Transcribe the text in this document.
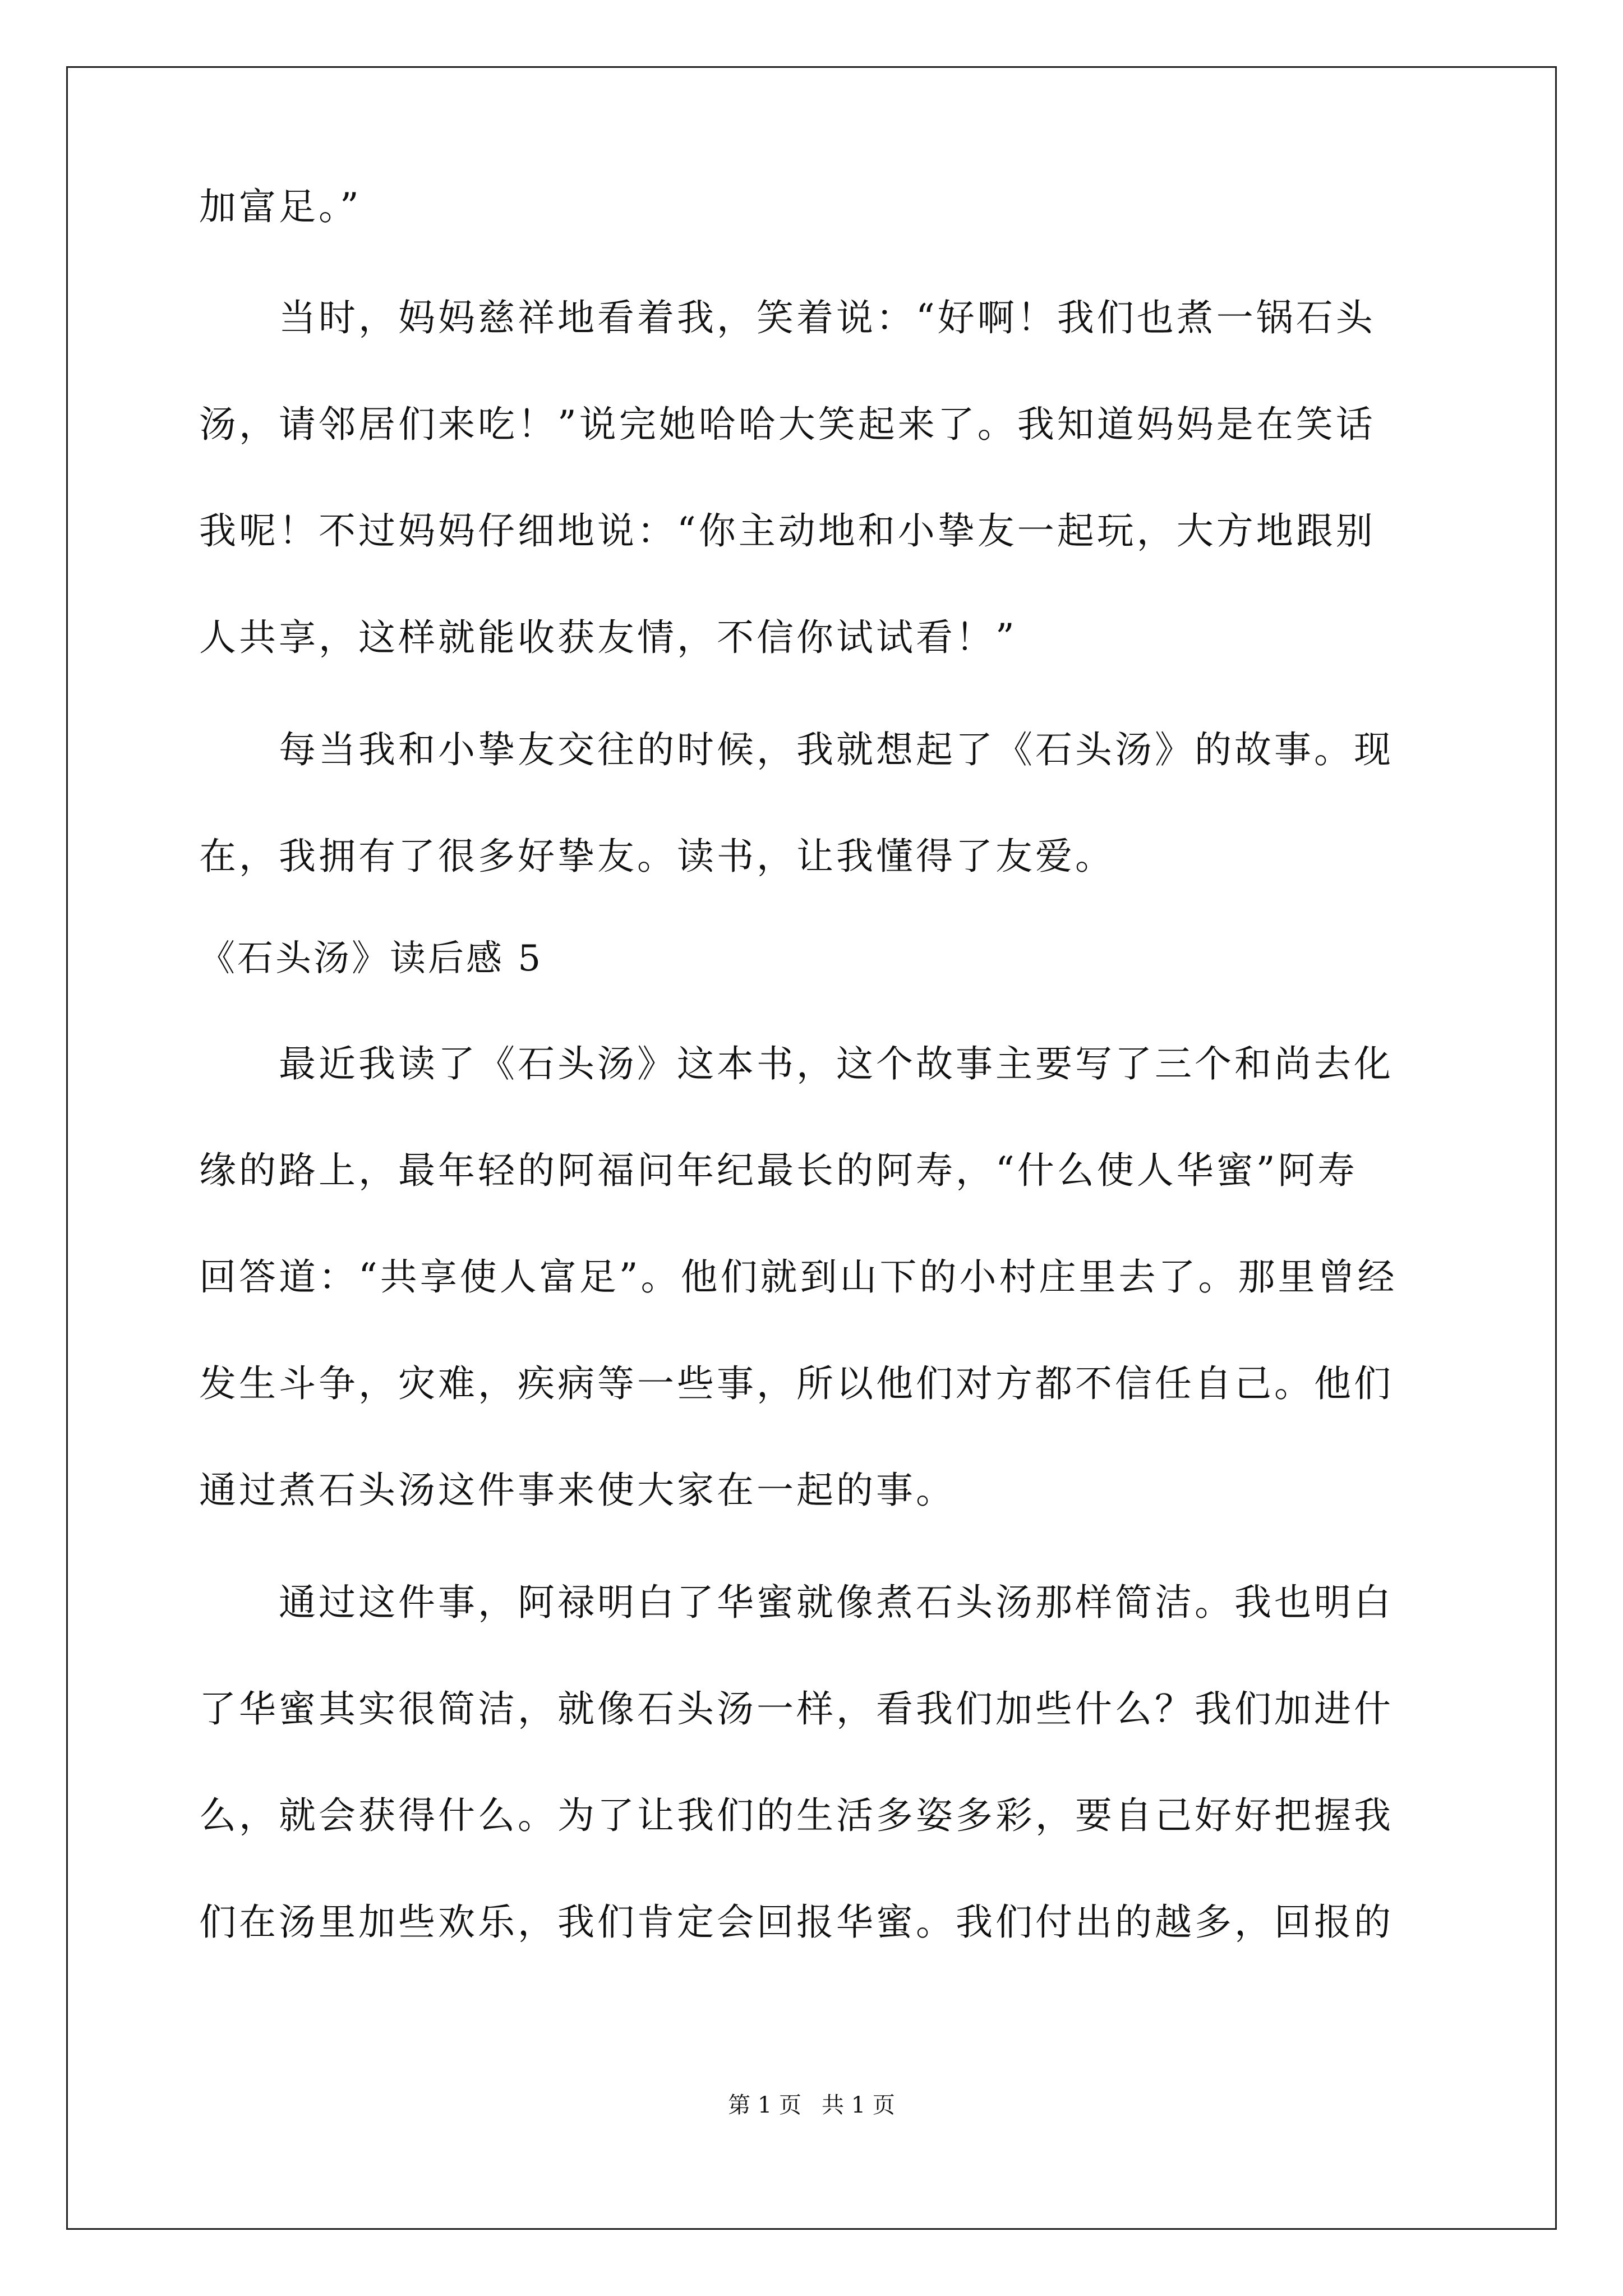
加富足。”
　　当时，妈妈慈祥地看着我，笑着说：“好啊！我们也煮一锅石头
汤，请邻居们来吃！”说完她哈哈大笑起来了。我知道妈妈是在笑话
我呢！不过妈妈仔细地说：“你主动地和小挚友一起玩，大方地跟别
人共享，这样就能收获友情，不信你试试看！”
　　每当我和小挚友交往的时候，我就想起了《石头汤》的故事。现
在，我拥有了很多好挚友。读书，让我懂得了友爱。
《石头汤》读后感 5
　　最近我读了《石头汤》这本书，这个故事主要写了三个和尚去化
缘的路上，最年轻的阿福问年纪最长的阿寿，“什么使人华蜜”阿寿
回答道：“共享使人富足”。他们就到山下的小村庄里去了。那里曾经
发生斗争，灾难，疾病等一些事，所以他们对方都不信任自己。他们
通过煮石头汤这件事来使大家在一起的事。
　　通过这件事，阿禄明白了华蜜就像煮石头汤那样简洁。我也明白
了华蜜其实很简洁，就像石头汤一样，看我们加些什么？我们加进什
么，就会获得什么。为了让我们的生活多姿多彩，要自己好好把握我
们在汤里加些欢乐，我们肯定会回报华蜜。我们付出的越多，回报的
第 1 页 共 1 页
